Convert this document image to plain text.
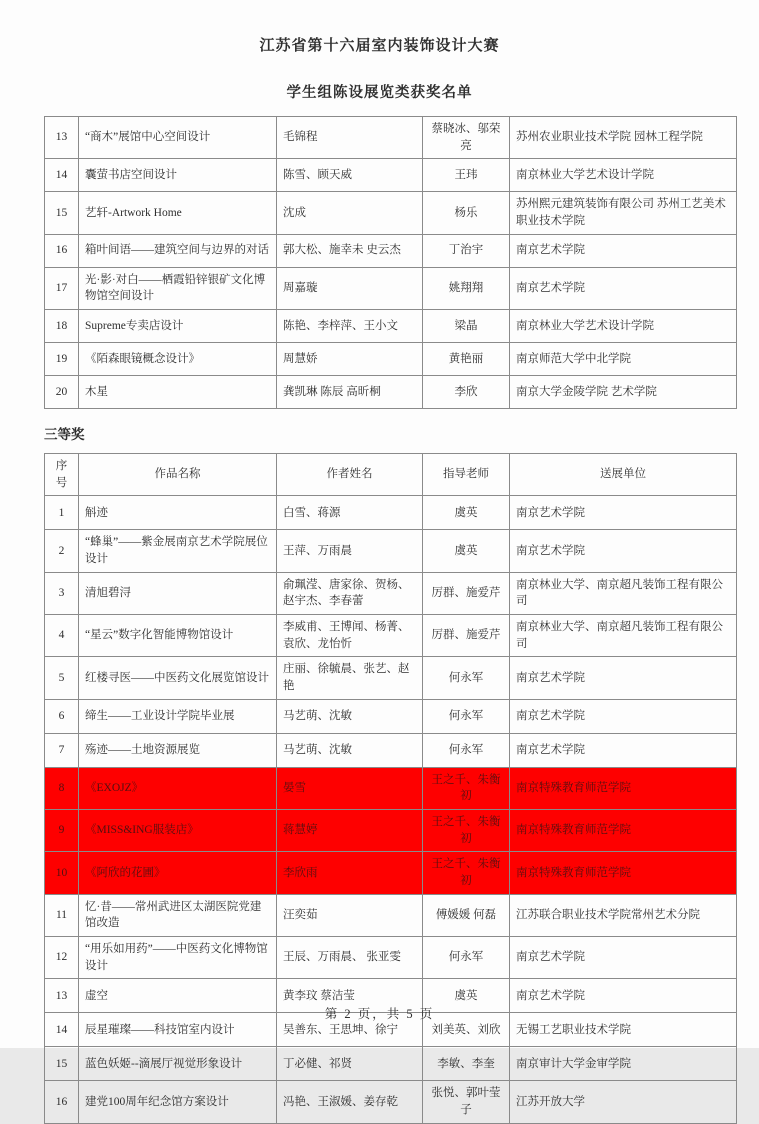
江苏省第十六届室内装饰设计大赛
学生组陈设展览类获奖名单
13	“商木”展馆中心空间设计	毛锦程	蔡晓冰、邬荣亮	苏州农业职业技术学院 园林工程学院
14	囊萤书店空间设计	陈雪、顾天威	王玮	南京林业大学艺术设计学院
15	艺轩-Artwork Home	沈成	杨乐	苏州熙元建筑装饰有限公司 苏州工艺美术职业技术学院
16	箱叶间语——建筑空间与边界的对话	郭大松、施幸未 史云杰	丁治宇	南京艺术学院
17	光·影·对白——栖霞铅锌银矿文化博物馆空间设计	周嘉璇	姚翔翔	南京艺术学院
18	Supreme专卖店设计	陈艳、李梓萍、王小文	梁晶	南京林业大学艺术设计学院
19	《陌森眼镜概念设计》	周慧娇	黄艳丽	南京师范大学中北学院
20	木星	龚凯琳 陈辰 高昕桐	李欣	南京大学金陵学院 艺术学院
三等奖
序号	作品名称	作者姓名	指导老师	送展单位
1	斛迹	白雪、蒋源	虞英	南京艺术学院
2	“蜂巢”——紫金展南京艺术学院展位设计	王萍、万雨晨	虞英	南京艺术学院
3	清旭碧浔	俞珮滢、唐家徐、贺杨、赵宇杰、李春蕾	厉群、施爱芹	南京林业大学、南京超凡装饰工程有限公司
4	“星云”数字化智能博物馆设计	李威甫、王博闻、杨菁、袁欣、龙怡忻	厉群、施爱芹	南京林业大学、南京超凡装饰工程有限公司
5	红楼寻医——中医药文化展览馆设计	庄丽、徐毓晨、张艺、赵艳	何永军	南京艺术学院
6	缔生——工业设计学院毕业展	马艺萌、沈敏	何永军	南京艺术学院
7	殇迹——土地资源展览	马艺萌、沈敏	何永军	南京艺术学院
8	《EXOJZ》	晏雪	王之千、朱衡初	南京特殊教育师范学院
9	《MISS&ING服装店》	蒋慧婷	王之千、朱衡初	南京特殊教育师范学院
10	《阿欣的花圃》	李欣雨	王之千、朱衡初	南京特殊教育师范学院
11	忆·昔——常州武进区太湖医院党建馆改造	汪奕茹	傅媛媛 何磊	江苏联合职业技术学院常州艺术分院
12	“用乐如用药”——中医药文化博物馆设计	王辰、万雨晨、 张亚雯	何永军	南京艺术学院
13	虚空	黄李玟 蔡洁莹	虞英	南京艺术学院
14	辰星璀璨——科技馆室内设计	吴善东、王思坤、徐宁	刘美英、刘欣	无锡工艺职业技术学院
15	蓝色妖姬--滴展厅视觉形象设计	丁必健、祁贤	李敏、李奎	南京审计大学金审学院
16	建党100周年纪念馆方案设计	冯艳、王淑媛、姜存乾	张悦、郭叶莹子	江苏开放大学
第 2 页，共 5 页
